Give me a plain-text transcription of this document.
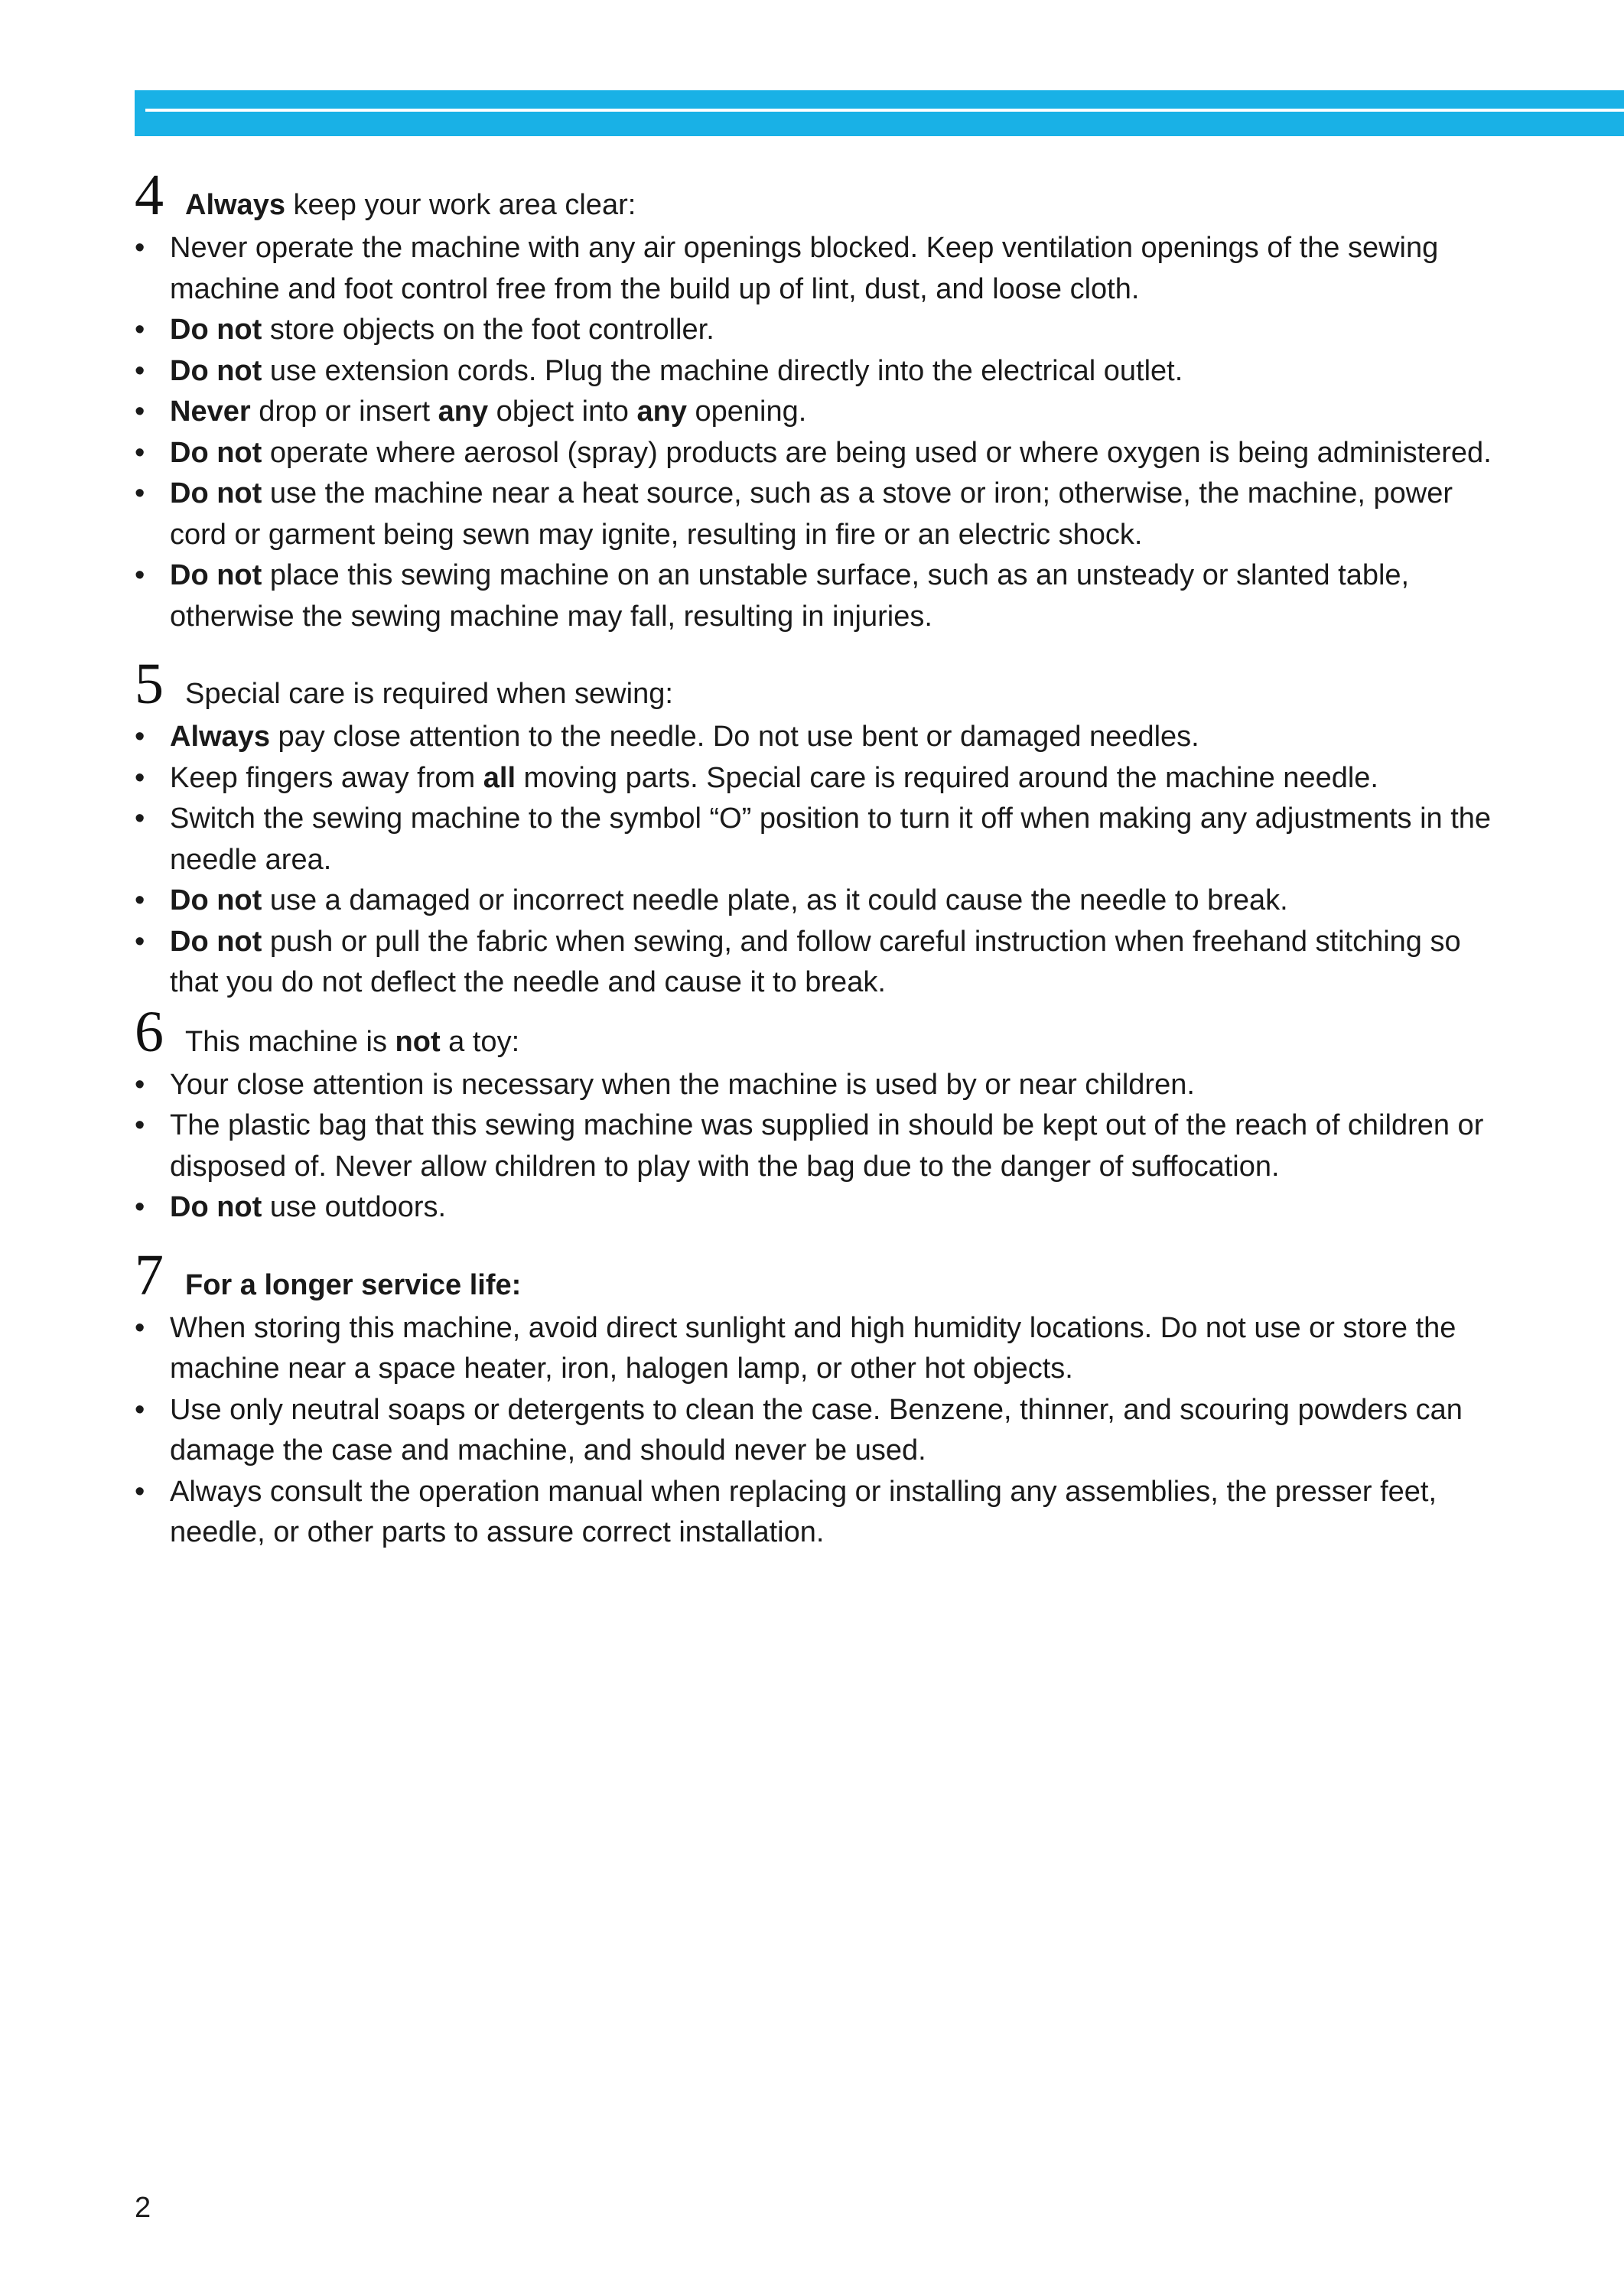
4 Always keep your work area clear:
• Never operate the machine with any air openings blocked. Keep ventilation openings of the sewing machine and foot control free from the build up of lint, dust, and loose cloth.
• Do not store objects on the foot controller.
• Do not use extension cords. Plug the machine directly into the electrical outlet.
• Never drop or insert any object into any opening.
• Do not operate where aerosol (spray) products are being used or where oxygen is being administered.
• Do not use the machine near a heat source, such as a stove or iron; otherwise, the machine, power cord or garment being sewn may ignite, resulting in fire or an electric shock.
• Do not place this sewing machine on an unstable surface, such as an unsteady or slanted table, otherwise the sewing machine may fall, resulting in injuries.
5 Special care is required when sewing:
• Always pay close attention to the needle. Do not use bent or damaged needles.
• Keep fingers away from all moving parts. Special care is required around the machine needle.
• Switch the sewing machine to the symbol “O” position to turn it off when making any adjustments in the needle area.
• Do not use a damaged or incorrect needle plate, as it could cause the needle to break.
• Do not push or pull the fabric when sewing, and follow careful instruction when freehand stitching so that you do not deflect the needle and cause it to break.
6 This machine is not a toy:
• Your close attention is necessary when the machine is used by or near children.
• The plastic bag that this sewing machine was supplied in should be kept out of the reach of children or disposed of. Never allow children to play with the bag due to the danger of suffocation.
• Do not use outdoors.
7 For a longer service life:
• When storing this machine, avoid direct sunlight and high humidity locations. Do not use or store the machine near a space heater, iron, halogen lamp, or other hot objects.
• Use only neutral soaps or detergents to clean the case. Benzene, thinner, and scouring powders can damage the case and machine, and should never be used.
• Always consult the operation manual when replacing or installing any assemblies, the presser feet, needle, or other parts to assure correct installation.
2
